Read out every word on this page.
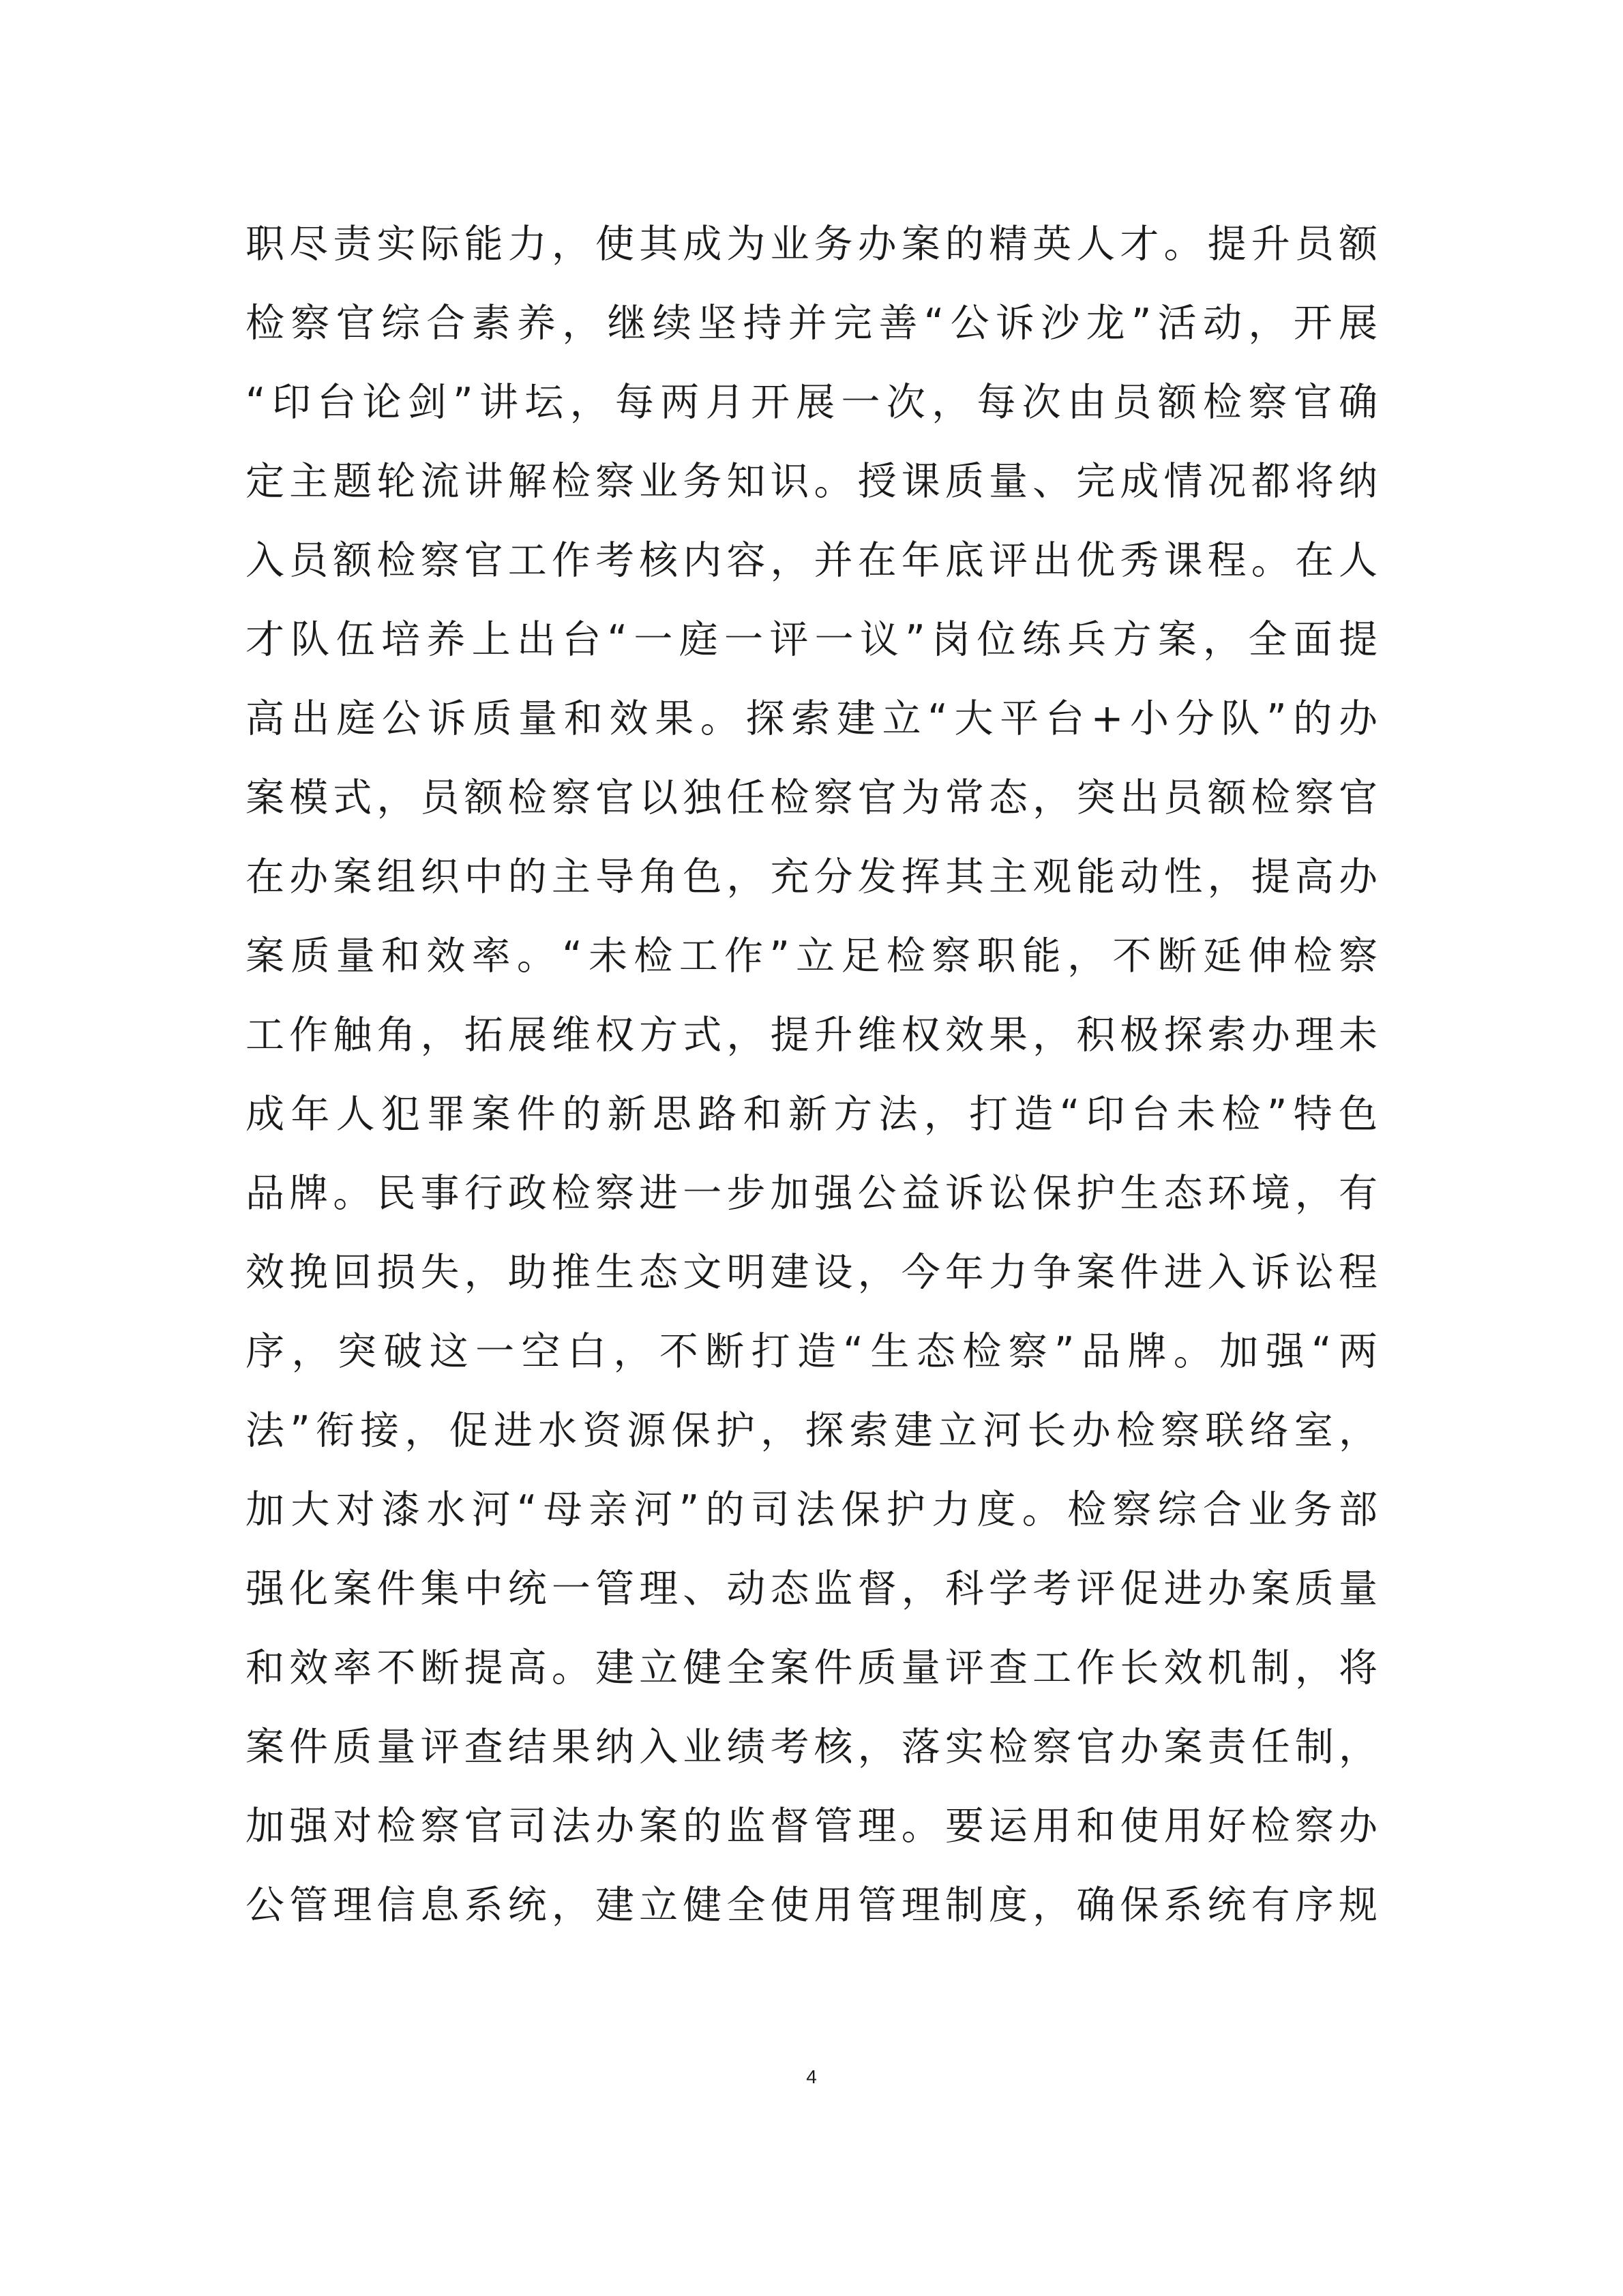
职尽责实际能力，使其成为业务办案的精英人才。提升员额
检察官综合素养，继续坚持并完善“公诉沙龙”活动，开展
“印台论剑”讲坛，每两月开展一次，每次由员额检察官确
定主题轮流讲解检察业务知识。授课质量、完成情况都将纳
入员额检察官工作考核内容，并在年底评出优秀课程。在人
才队伍培养上出台“一庭一评一议”岗位练兵方案，全面提
高出庭公诉质量和效果。探索建立“大平台+小分队”的办
案模式，员额检察官以独任检察官为常态，突出员额检察官
在办案组织中的主导角色，充分发挥其主观能动性，提高办
案质量和效率。“未检工作”立足检察职能，不断延伸检察
工作触角，拓展维权方式，提升维权效果，积极探索办理未
成年人犯罪案件的新思路和新方法，打造“印台未检”特色
品牌。民事行政检察进一步加强公益诉讼保护生态环境，有
效挽回损失，助推生态文明建设，今年力争案件进入诉讼程
序，突破这一空白，不断打造“生态检察”品牌。加强“两
法”衔接，促进水资源保护，探索建立河长办检察联络室，
加大对漆水河“母亲河”的司法保护力度。检察综合业务部
强化案件集中统一管理、动态监督，科学考评促进办案质量
和效率不断提高。建立健全案件质量评查工作长效机制，将
案件质量评查结果纳入业绩考核，落实检察官办案责任制，
加强对检察官司法办案的监督管理。要运用和使用好检察办
公管理信息系统，建立健全使用管理制度，确保系统有序规
4
